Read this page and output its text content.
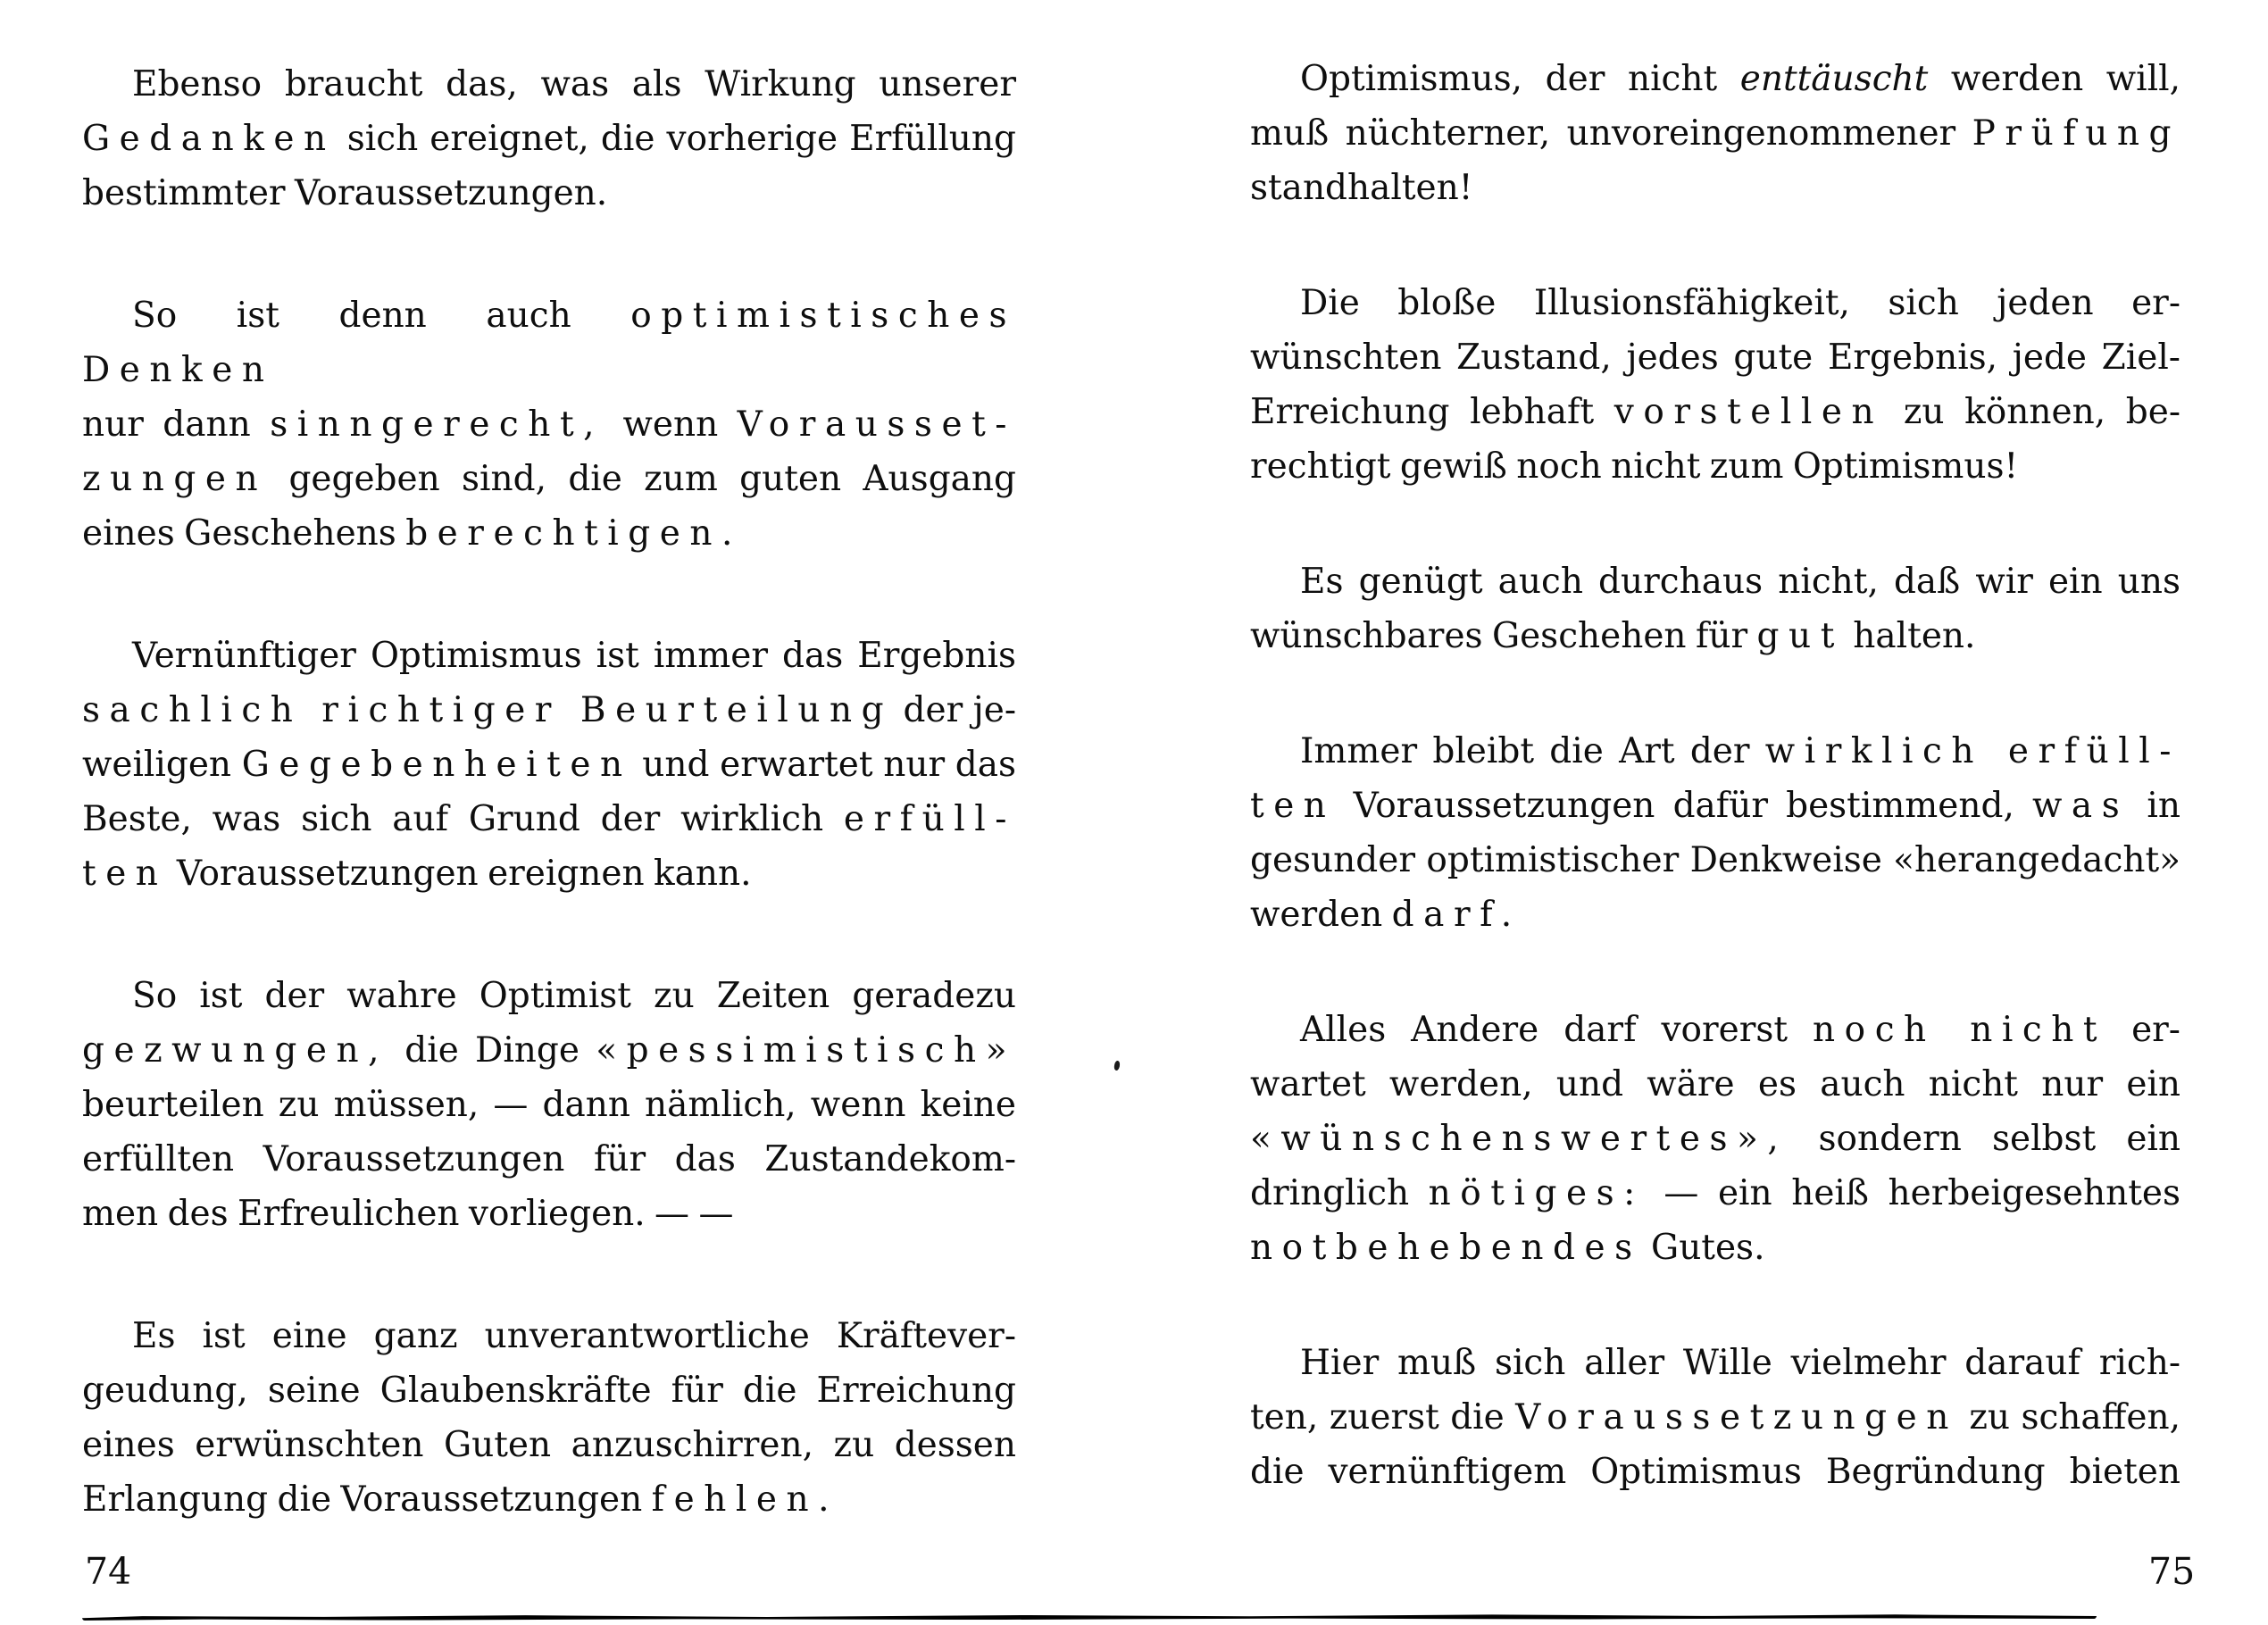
Ebenso braucht das, was als Wirkung unserer
Gedanken sich ereignet, die vorherige Erfüllung
bestimmter Voraussetzungen.
So ist denn auch optimistisches Denken
nur dann sinngerecht, wenn Vorausset-
zungen gegeben sind, die zum guten Ausgang
eines Geschehens berechtigen.
Vernünftiger Optimismus ist immer das Ergebnis
sachlich richtiger Beurteilung der je-
weiligen Gegebenheiten und erwartet nur das
Beste, was sich auf Grund der wirklich erfüll-
ten Voraussetzungen ereignen kann.
So ist der wahre Optimist zu Zeiten geradezu
gezwungen, die Dinge «pessimistisch»
beurteilen zu müssen, — dann nämlich, wenn keine
erfüllten Voraussetzungen für das Zustandekom-
men des Erfreulichen vorliegen. — —
Es ist eine ganz unverantwortliche Kräftever-
geudung, seine Glaubenskräfte für die Erreichung
eines erwünschten Guten anzuschirren, zu dessen
Erlangung die Voraussetzungen fehlen.
Optimismus, der nicht enttäuscht werden will,
muß nüchterner, unvoreingenommener Prüfung
standhalten!
Die bloße Illusionsfähigkeit, sich jeden er-
wünschten Zustand, jedes gute Ergebnis, jede Ziel-
Erreichung lebhaft vorstellen zu können, be-
rechtigt gewiß noch nicht zum Optimismus!
Es genügt auch durchaus nicht, daß wir ein uns
wünschbares Geschehen für gut halten.
Immer bleibt die Art der wirklich erfüll-
ten Voraussetzungen dafür bestimmend, was in
gesunder optimistischer Denkweise «herangedacht»
werden darf.
Alles Andere darf vorerst noch nicht er-
wartet werden, und wäre es auch nicht nur ein
«wünschenswertes», sondern selbst ein
dringlich nötiges: — ein heiß herbeigesehntes
notbehebendes Gutes.
Hier muß sich aller Wille vielmehr darauf rich-
ten, zuerst die Voraussetzungen zu schaffen,
die vernünftigem Optimismus Begründung bieten
74	75
